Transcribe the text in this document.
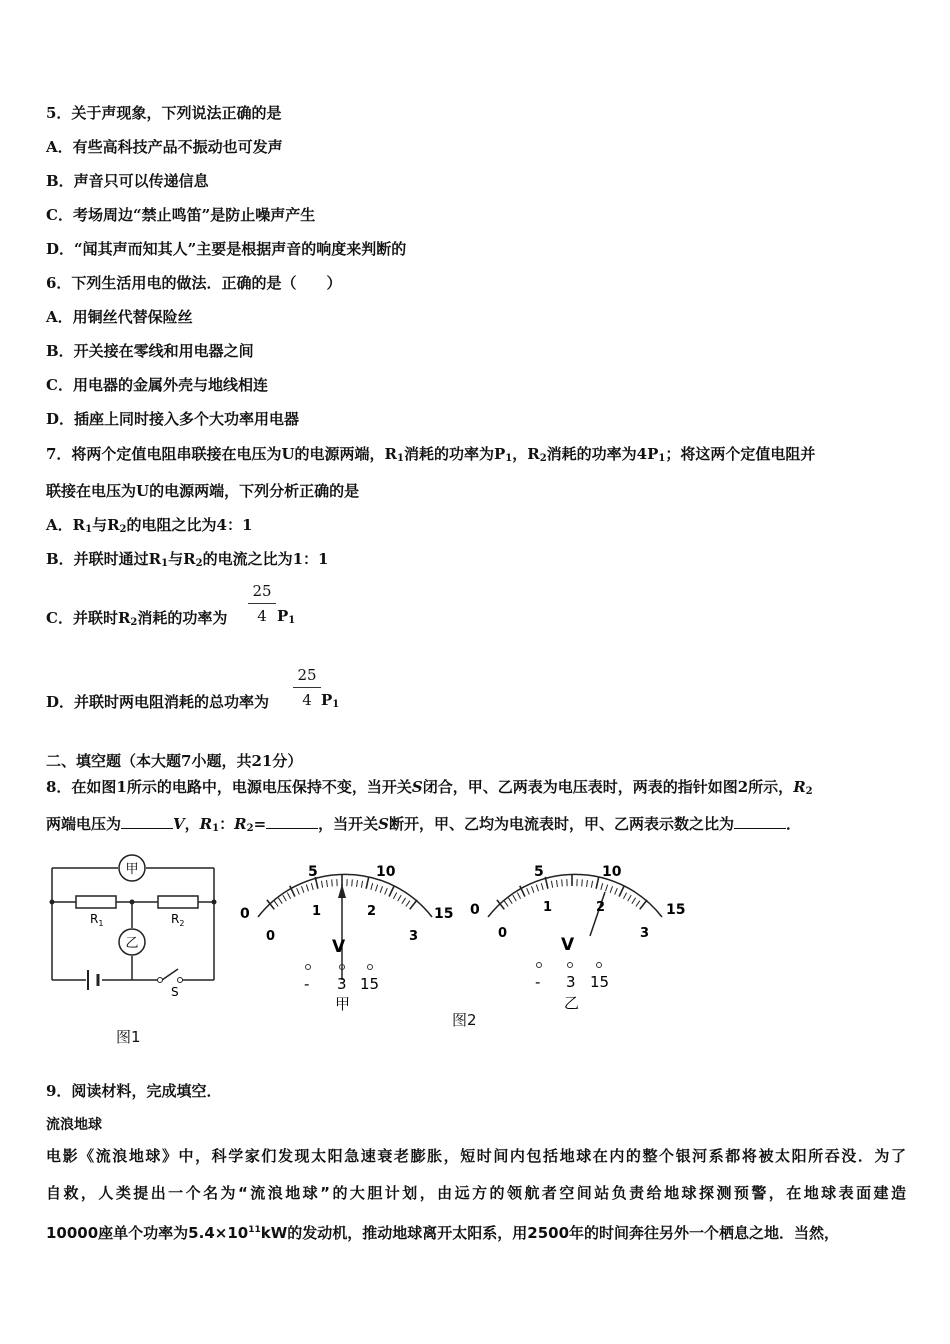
5．关于声现象，下列说法正确的是
A．有些高科技产品不振动也可发声
B．声音只可以传递信息
C．考场周边“禁止鸣笛”是防止噪声产生
D．“闻其声而知其人”主要是根据声音的响度来判断的
6．下列生活用电的做法．正确的是（　　）
A．用铜丝代替保险丝
B．开关接在零线和用电器之间
C．用电器的金属外壳与地线相连
D．插座上同时接入多个大功率用电器
7．将两个定值电阻串联接在电压为U的电源两端，$R_1$消耗的功率为$P_1$，$R_2$消耗的功率为$4P_1$；将这两个定值电阻并
联接在电压为U的电源两端，下列分析正确的是
A．$R_1$与$R_2$的电阻之比为4：1
B．并联时通过$R_1$与$R_2$的电流之比为1：1
C．并联时$R_2$消耗的功率为 $\frac{25}{4} P_1$
D．并联时两电阻消耗的总功率为 $\frac{25}{4} P_1$
二、填空题（本大题7小题，共21分）
8．在如图1所示的电路中，电源电压保持不变，当开关S闭合，甲、乙两表为电压表时，两表的指针如图2所示，$R_2$
两端电压为	V，$R_1$：$R_2=$	，当开关S断开，甲、乙均为电流表时，甲、乙两表示数之比为	．
甲
乙
$R_1$	$R_2$
S
图1
5	10
0	15
0
1	2
3
V
- 3 15
甲
5	10
0	15
0
1	2
3
V
- 3 15
乙
图2
9．阅读材料，完成填空．
流浪地球

电影《流浪地球》中，科学家们发现太阳急速衰老膨胀，短时间内包括地球在内的整个银河系都将被太阳所吞没．为了

自救，人类提出一个名为“流浪地球”的大胆计划，由远方的领航者空间站负责给地球探测预警，在地球表面建造

10000座单个功率为$5.4\times 10^{11}kW$的发动机，推动地球离开太阳系，用2500年的时间奔往另外一个栖息之地．当然，
